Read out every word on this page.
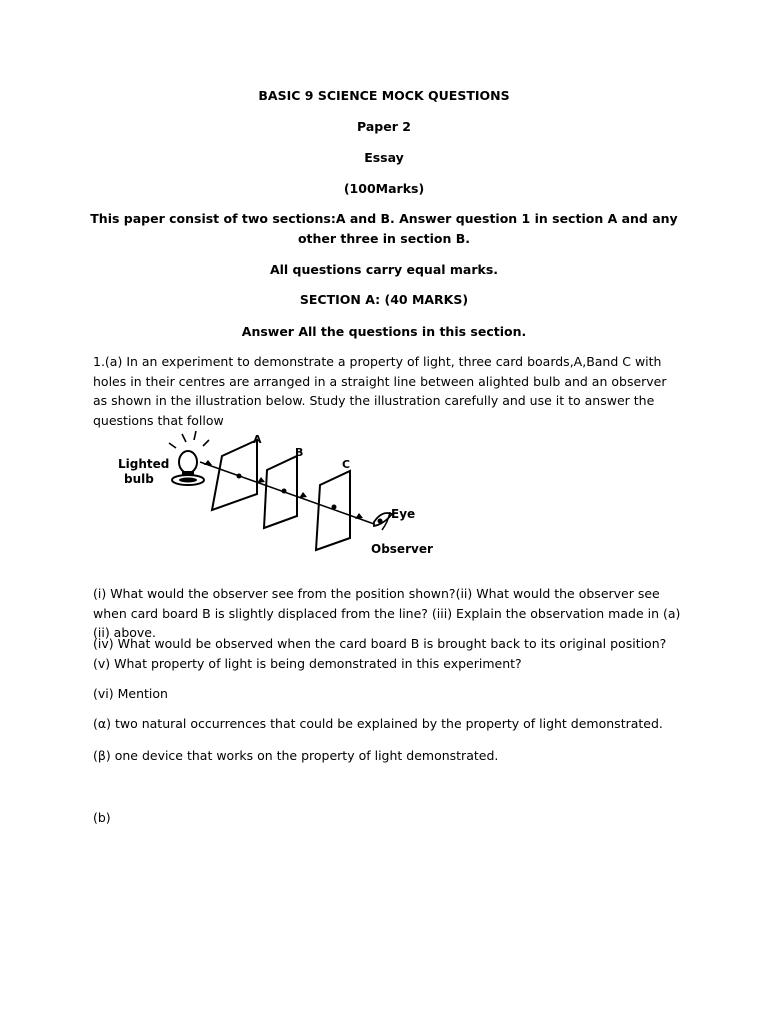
BASIC 9 SCIENCE MOCK QUESTIONS
Paper 2
Essay
(100Marks)
This paper consist of two sections:A and B. Answer question 1 in section A and any other three in section B.
All questions carry equal marks.
SECTION A: (40 MARKS)
Answer All the questions in this section.
1.(a) In an experiment to demonstrate a property of light, three card boards,A,Band C with holes in their centres are arranged in a straight line between alighted bulb and an observer as shown in the illustration below. Study the illustration carefully and use it to answer the questions that follow
Lighted
bulb
A
B
C
Eye
Observer
(i) What would the observer see from the position shown?(ii) What would the observer see when card board B is slightly displaced from the line? (iii) Explain the observation made in (a)(ii) above.
(iv) What would be observed when the card board B is brought back to its original position? (v) What property of light is being demonstrated in this experiment?
(vi) Mention
(α) two natural occurrences that could be explained by the property of light demonstrated.
(β) one device that works on the property of light demonstrated.
(b)
